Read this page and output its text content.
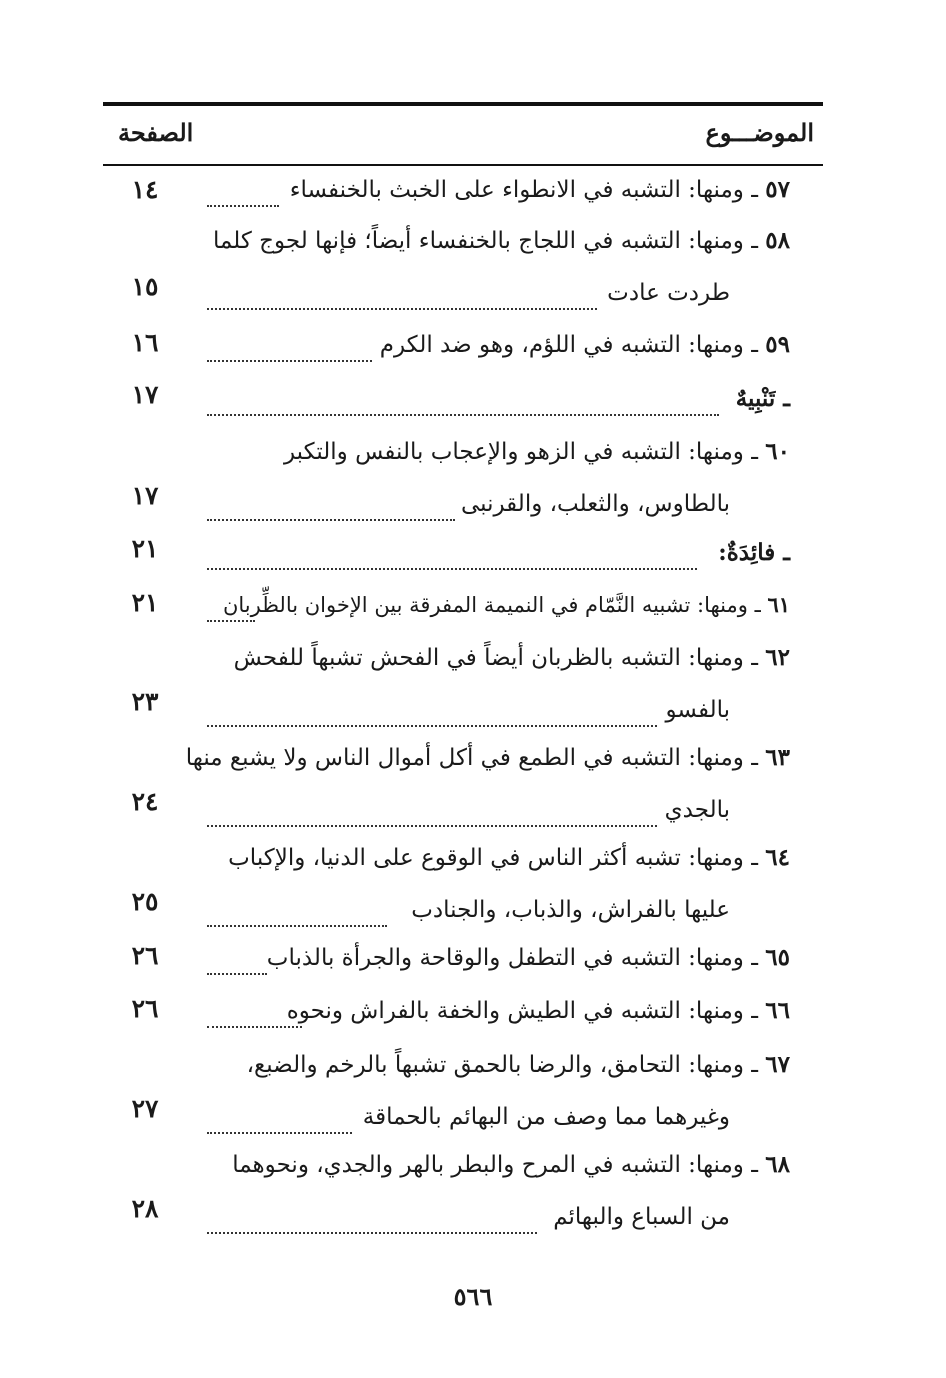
الموضـــوع
الصفحة
٥٧ ـ ومنها: التشبه في الانطواء على الخبث بالخنفساء
١٤
٥٨ ـ ومنها: التشبه في اللجاج بالخنفساء أيضاً؛ فإنها لجوج كلما
طردت عادت
١٥
٥٩ ـ ومنها: التشبه في اللؤم، وهو ضد الكرم
١٦
ـ تَنْبِيهٌ
١٧
٦٠ ـ ومنها: التشبه في الزهو والإعجاب بالنفس والتكبر
بالطاوس، والثعلب، والقرنبى
١٧
ـ فائِدَةٌ:
٢١
٦١ ـ ومنها: تشبيه النَّمّام في النميمة المفرقة بين الإخوان بالظِّربان
٢١
٦٢ ـ ومنها: التشبه بالظربان أيضاً في الفحش تشبهاً للفحش
بالفسو
٢٣
٦٣ ـ ومنها: التشبه في الطمع في أكل أموال الناس ولا يشبع منها
بالجدي
٢٤
٦٤ ـ ومنها: تشبه أكثر الناس في الوقوع على الدنيا، والإكباب
عليها بالفراش، والذباب، والجنادب
٢٥
٦٥ ـ ومنها: التشبه في التطفل والوقاحة والجرأة بالذباب
٢٦
٦٦ ـ ومنها: التشبه في الطيش والخفة بالفراش ونحوه
٢٦
٦٧ ـ ومنها: التحامق، والرضا بالحمق تشبهاً بالرخم والضبع،
وغيرهما مما وصف من البهائم بالحماقة
٢٧
٦٨ ـ ومنها: التشبه في المرح والبطر بالهر والجدي، ونحوهما
من السباع والبهائم
٢٨
٥٦٦
